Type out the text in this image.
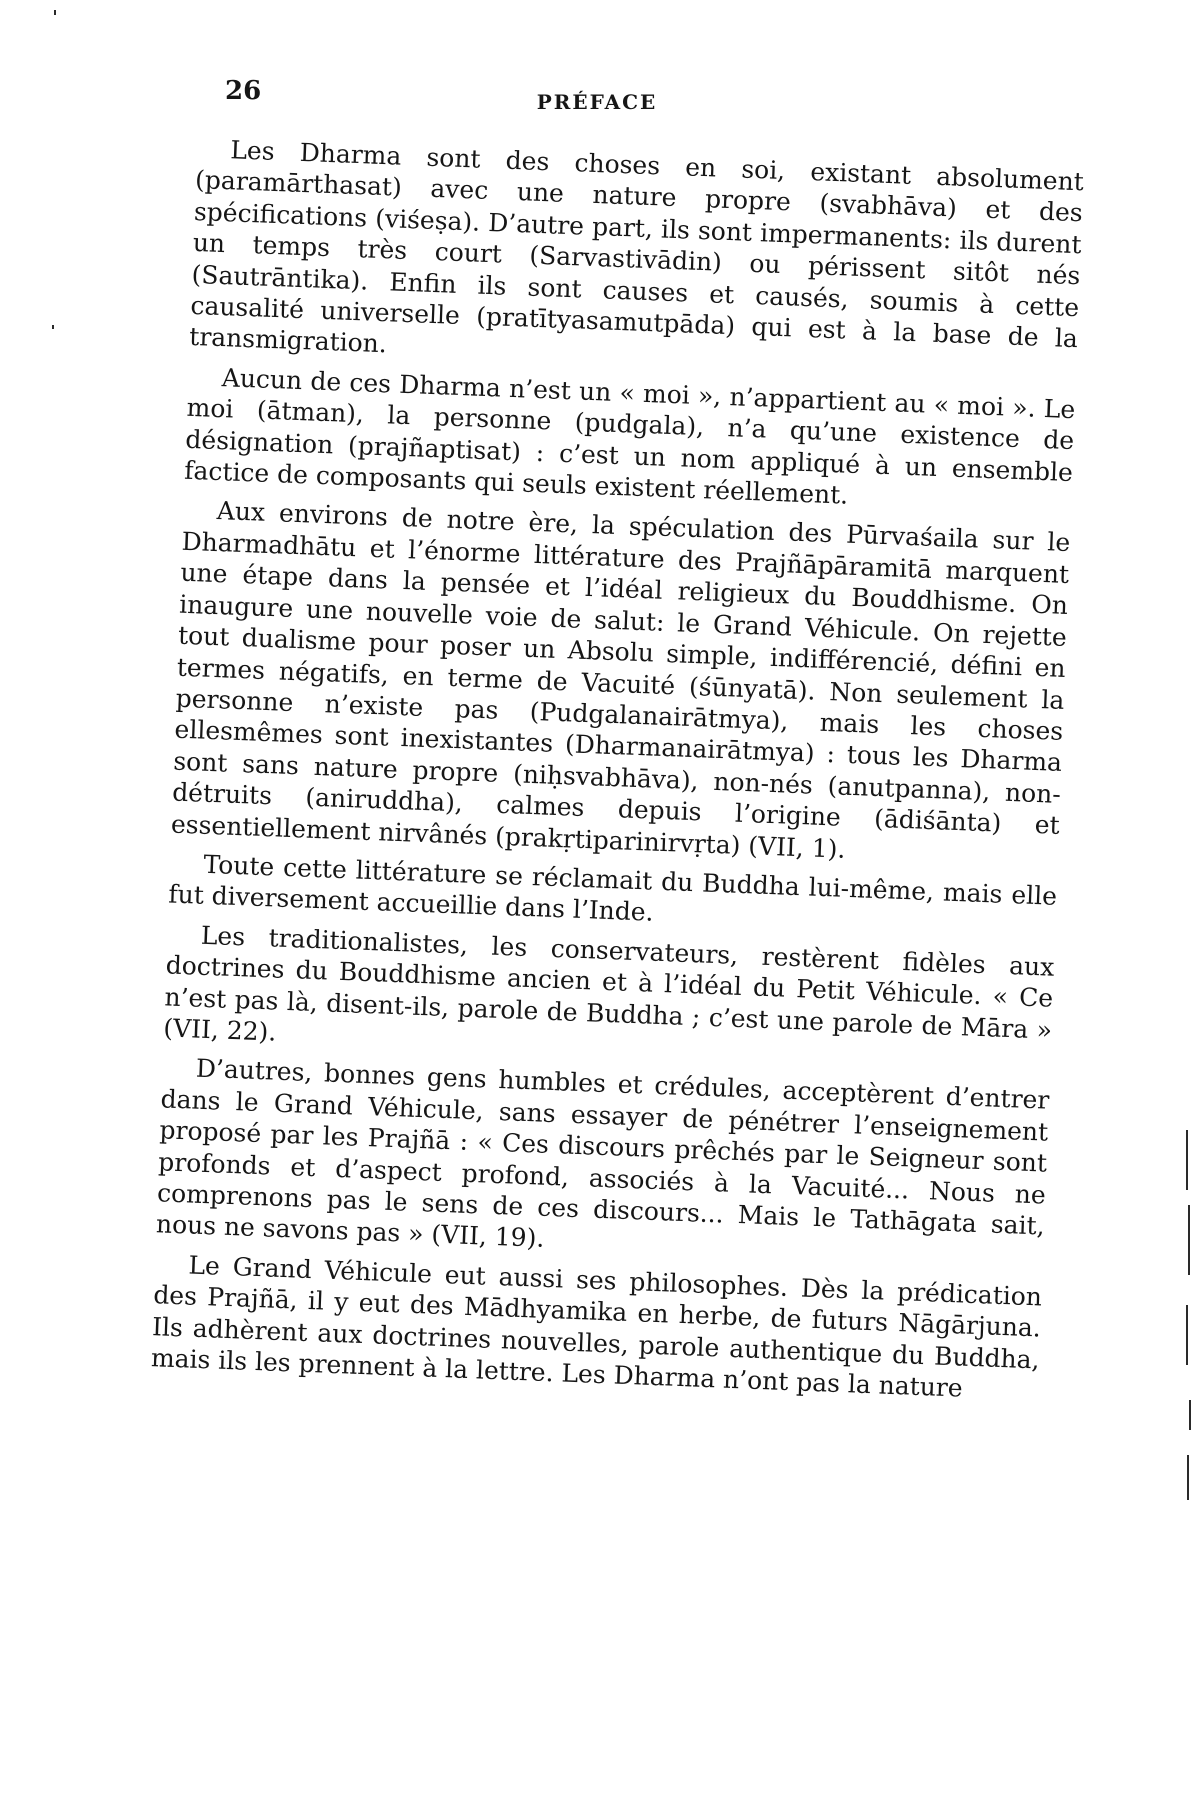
26	PRÉFACE

Les Dharma sont des choses en soi, existant absolument (paramārthasat) avec une nature propre (svabhāva) et des spécifications (viśeṣa). D’autre part, ils sont impermanents: ils durent un temps très court (Sarvastivādin) ou périssent sitôt nés (Sautrāntika). Enfin ils sont causes et causés, soumis à cette causalité universelle (pratītyasamutpāda) qui est à la base de la transmigration.

Aucun de ces Dharma n’est un « moi », n’appartient au « moi ». Le moi (ātman), la personne (pudgala), n’a qu’une existence de désignation (prajñaptisat) : c’est un nom appliqué à un ensemble factice de composants qui seuls existent réellement.

Aux environs de notre ère, la spéculation des Pūrvaśaila sur le Dharmadhātu et l’énorme littérature des Prajñāpāramitā marquent une étape dans la pensée et l’idéal religieux du Bouddhisme. On inaugure une nouvelle voie de salut: le Grand Véhicule. On rejette tout dualisme pour poser un Absolu simple, indifférencié, défini en termes négatifs, en terme de Vacuité (śūnyatā). Non seulement la personne n’existe pas (Pudgalanairātmya), mais les choses ellesmêmes sont inexistantes (Dharmanairātmya) : tous les Dharma sont sans nature propre (niḥsvabhāva), non-nés (anutpanna), non-détruits (aniruddha), calmes depuis l’origine (ādiśānta) et essentiellement nirvânés (prakṛtiparinirvṛta) (VII, 1).

Toute cette littérature se réclamait du Buddha lui-même, mais elle fut diversement accueillie dans l’Inde.

Les traditionalistes, les conservateurs, restèrent fidèles aux doctrines du Bouddhisme ancien et à l’idéal du Petit Véhicule. « Ce n’est pas là, disent-ils, parole de Buddha ; c’est une parole de Māra » (VII, 22).

D’autres, bonnes gens humbles et crédules, acceptèrent d’entrer dans le Grand Véhicule, sans essayer de pénétrer l’enseignement proposé par les Prajñā : « Ces discours prêchés par le Seigneur sont profonds et d’aspect profond, associés à la Vacuité... Nous ne comprenons pas le sens de ces discours... Mais le Tathāgata sait, nous ne savons pas » (VII, 19).

Le Grand Véhicule eut aussi ses philosophes. Dès la prédication des Prajñā, il y eut des Mādhyamika en herbe, de futurs Nāgārjuna. Ils adhèrent aux doctrines nouvelles, parole authentique du Buddha, mais ils les prennent à la lettre. Les Dharma n’ont pas la nature
